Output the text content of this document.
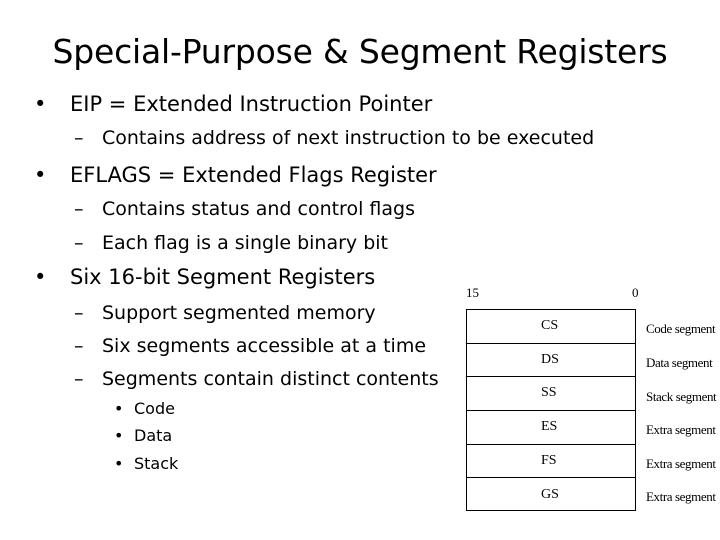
Special-Purpose & Segment Registers
• EIP = Extended Instruction Pointer
– Contains address of next instruction to be executed
• EFLAGS = Extended Flags Register
– Contains status and control flags
– Each flag is a single binary bit
• Six 16-bit Segment Registers
– Support segmented memory
– Six segments accessible at a time
– Segments contain distinct contents
• Code
• Data
• Stack
15	0
CS
DS
SS
ES
FS
GS
Code segment
Data segment
Stack segment
Extra segment
Extra segment
Extra segment
